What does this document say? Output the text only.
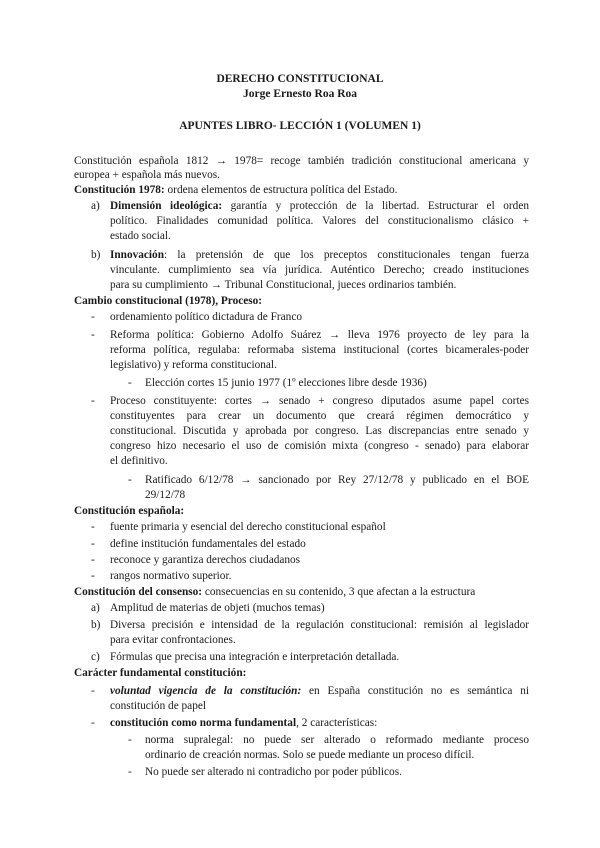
DERECHO CONSTITUCIONAL
Jorge Ernesto Roa Roa
APUNTES LIBRO- LECCIÓN 1 (VOLUMEN 1)
Constitución española 1812 → 1978= recoge también tradición constitucional americana y
europea + española más nuevos.
Constitución 1978: ordena elementos de estructura política del Estado.
a) Dimensión ideológica: garantía y protección de la libertad. Estructurar el orden
político. Finalidades comunidad política. Valores del constitucionalismo clásico +
estado social.
b) Innovación: la pretensión de que los preceptos constitucionales tengan fuerza
vinculante. cumplimiento sea vía jurídica. Auténtico Derecho; creado instituciones
para su cumplimiento → Tribunal Constitucional, jueces ordinarios también.
Cambio constitucional (1978), Proceso:
- ordenamiento político dictadura de Franco
- Reforma política: Gobierno Adolfo Suárez → lleva 1976 proyecto de ley para la
reforma política, regulaba: reformaba sistema institucional (cortes bicamerales-poder
legislativo) y reforma constitucional.
- Elección cortes 15 junio 1977 (1º elecciones libre desde 1936)
- Proceso constituyente: cortes → senado + congreso diputados asume papel cortes
constituyentes para crear un documento que creará régimen democrático y
constitucional. Discutida y aprobada por congreso. Las discrepancias entre senado y
congreso hizo necesario el uso de comisión mixta (congreso - senado) para elaborar
el definitivo.
- Ratificado 6/12/78 → sancionado por Rey 27/12/78 y publicado en el BOE
29/12/78
Constitución española:
- fuente primaria y esencial del derecho constitucional español
- define institución fundamentales del estado
- reconoce y garantiza derechos ciudadanos
- rangos normativo superior.
Constitución del consenso: consecuencias en su contenido, 3 que afectan a la estructura
a) Amplitud de materias de objeti (muchos temas)
b) Diversa precisión e intensidad de la regulación constitucional: remisión al legislador
para evitar confrontaciones.
c) Fórmulas que precisa una integración e interpretación detallada.
Carácter fundamental constitución:
- voluntad vigencia de la constitución: en España constitución no es semántica ni
constitución de papel
- constitución como norma fundamental, 2 características:
- norma supralegal: no puede ser alterado o reformado mediante proceso
ordinario de creación normas. Solo se puede mediante un proceso difícil.
- No puede ser alterado ni contradicho por poder públicos.
